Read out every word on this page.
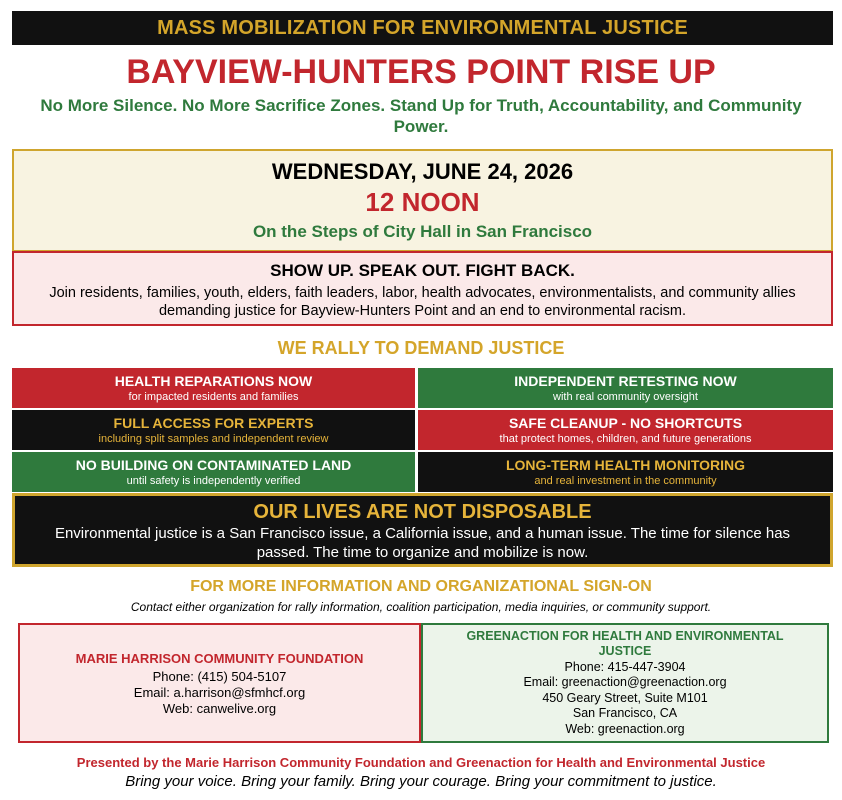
MASS MOBILIZATION FOR ENVIRONMENTAL JUSTICE
BAYVIEW-HUNTERS POINT RISE UP
No More Silence. No More Sacrifice Zones. Stand Up for Truth, Accountability, and Community Power.
WEDNESDAY, JUNE 24, 2026
12 NOON
On the Steps of City Hall in San Francisco
SHOW UP. SPEAK OUT. FIGHT BACK.
Join residents, families, youth, elders, faith leaders, labor, health advocates, environmentalists, and community allies demanding justice for Bayview-Hunters Point and an end to environmental racism.
WE RALLY TO DEMAND JUSTICE
HEALTH REPARATIONS NOW
for impacted residents and families
INDEPENDENT RETESTING NOW
with real community oversight
FULL ACCESS FOR EXPERTS
including split samples and independent review
SAFE CLEANUP - NO SHORTCUTS
that protect homes, children, and future generations
NO BUILDING ON CONTAMINATED LAND
until safety is independently verified
LONG-TERM HEALTH MONITORING
and real investment in the community
OUR LIVES ARE NOT DISPOSABLE
Environmental justice is a San Francisco issue, a California issue, and a human issue. The time for silence has passed. The time to organize and mobilize is now.
FOR MORE INFORMATION AND ORGANIZATIONAL SIGN-ON
Contact either organization for rally information, coalition participation, media inquiries, or community support.
MARIE HARRISON COMMUNITY FOUNDATION
Phone: (415) 504-5107
Email: a.harrison@sfmhcf.org
Web: canwelive.org
GREENACTION FOR HEALTH AND ENVIRONMENTAL JUSTICE
Phone: 415-447-3904
Email: greenaction@greenaction.org
450 Geary Street, Suite M101
San Francisco, CA
Web: greenaction.org
Presented by the Marie Harrison Community Foundation and Greenaction for Health and Environmental Justice
Bring your voice. Bring your family. Bring your courage. Bring your commitment to justice.
